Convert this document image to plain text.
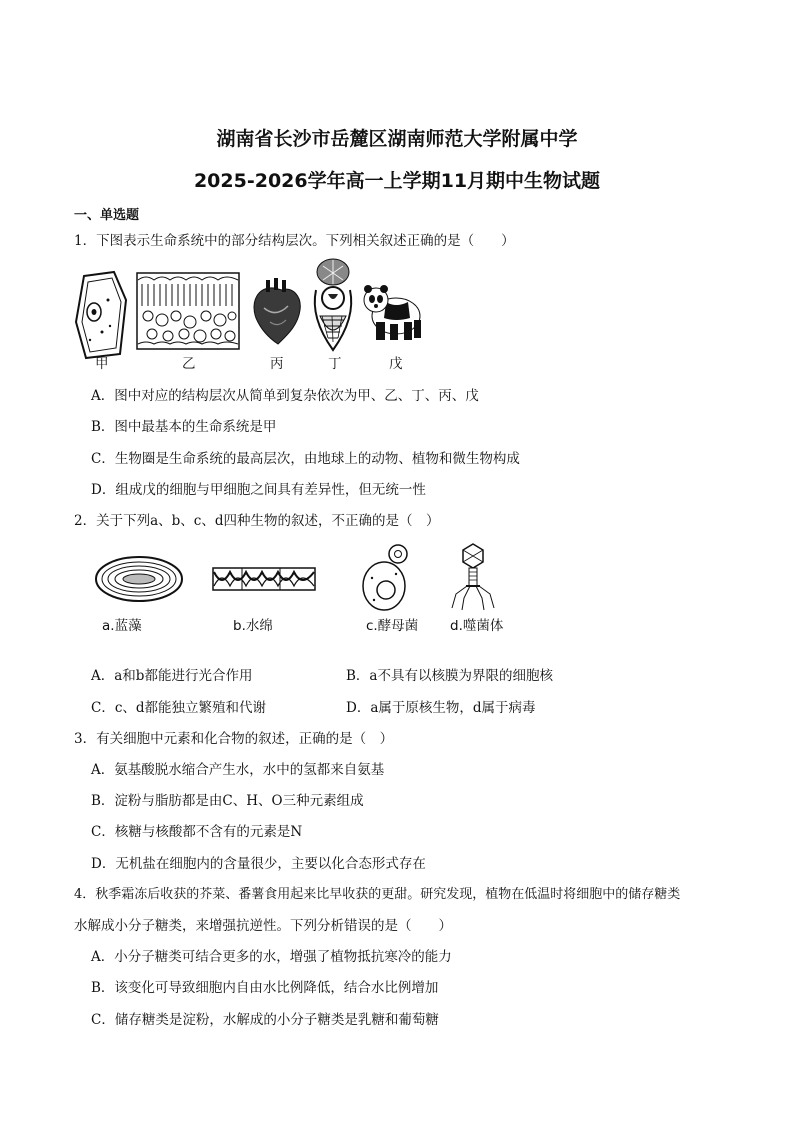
湖南省长沙市岳麓区湖南师范大学附属中学
2025-2026学年高一上学期11月期中生物试题
一、单选题
1．下图表示生命系统中的部分结构层次。下列相关叙述正确的是（　　）
甲	乙	丙	丁	戊
A．图中对应的结构层次从简单到复杂依次为甲、乙、丁、丙、戊
B．图中最基本的生命系统是甲
C．生物圈是生命系统的最高层次，由地球上的动物、植物和微生物构成
D．组成戊的细胞与甲细胞之间具有差异性，但无统一性
2．关于下列a、b、c、d四种生物的叙述，不正确的是（　）
a.蓝藻	b.水绵	c.酵母菌 d.噬菌体
A．a和b都能进行光合作用	B．a不具有以核膜为界限的细胞核
C．c、d都能独立繁殖和代谢	D．a属于原核生物，d属于病毒
3．有关细胞中元素和化合物的叙述，正确的是（　）
A．氨基酸脱水缩合产生水，水中的氢都来自氨基
B．淀粉与脂肪都是由C、H、O三种元素组成
C．核糖与核酸都不含有的元素是N
D．无机盐在细胞内的含量很少，主要以化合态形式存在
4．秋季霜冻后收获的芥菜、番薯食用起来比早收获的更甜。研究发现，植物在低温时将细胞中的储存糖类
水解成小分子糖类，来增强抗逆性。下列分析错误的是（　　）
A．小分子糖类可结合更多的水，增强了植物抵抗寒冷的能力
B．该变化可导致细胞内自由水比例降低，结合水比例增加
C．储存糖类是淀粉，水解成的小分子糖类是乳糖和葡萄糖
